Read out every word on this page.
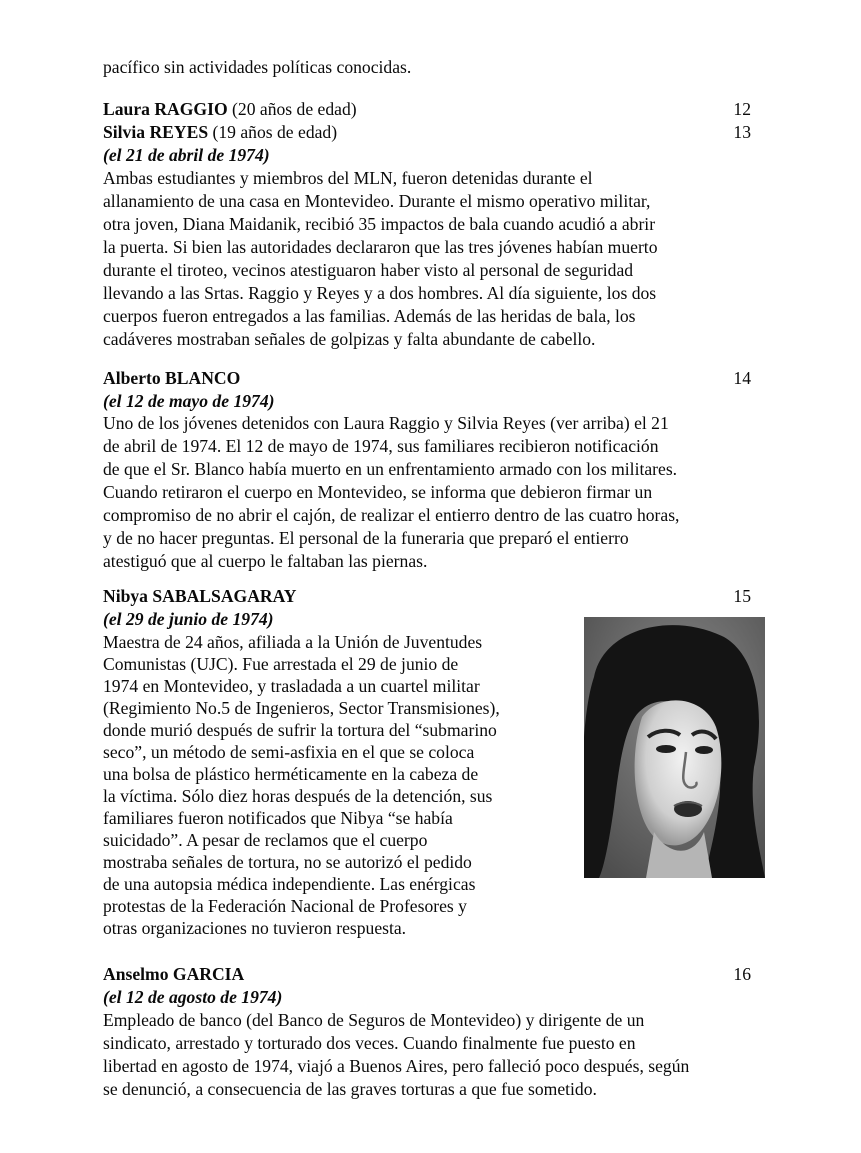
pacífico sin actividades políticas conocidas.
Laura RAGGIO (20 años de edad)	12
Silvia REYES (19 años de edad)	13
(el 21 de abril de 1974)
Ambas estudiantes y miembros del MLN, fueron detenidas durante el
allanamiento de una casa en Montevideo. Durante el mismo operativo militar,
otra joven, Diana Maidanik, recibió 35 impactos de bala cuando acudió a abrir
la puerta. Si bien las autoridades declararon que las tres jóvenes habían muerto
durante el tiroteo, vecinos atestiguaron haber visto al personal de seguridad
llevando a las Srtas. Raggio y Reyes y a dos hombres. Al día siguiente, los dos
cuerpos fueron entregados a las familias. Además de las heridas de bala, los
cadáveres mostraban señales de golpizas y falta abundante de cabello.
Alberto BLANCO	14
(el 12 de mayo de 1974)
Uno de los jóvenes detenidos con Laura Raggio y Silvia Reyes (ver arriba) el 21
de abril de 1974. El 12 de mayo de 1974, sus familiares recibieron notificación
de que el Sr. Blanco había muerto en un enfrentamiento armado con los militares.
Cuando retiraron el cuerpo en Montevideo, se informa que debieron firmar un
compromiso de no abrir el cajón, de realizar el entierro dentro de las cuatro horas,
y de no hacer preguntas. El personal de la funeraria que preparó el entierro
atestiguó que al cuerpo le faltaban las piernas.
Nibya SABALSAGARAY	15
(el 29 de junio de 1974)
Maestra de 24 años, afiliada a la Unión de Juventudes
Comunistas (UJC). Fue arrestada el 29 de junio de
1974 en Montevideo, y trasladada a un cuartel militar
(Regimiento No.5 de Ingenieros, Sector Transmisiones),
donde murió después de sufrir la tortura del “submarino
seco”, un método de semi-asfixia en el que se coloca
una bolsa de plástico herméticamente en la cabeza de
la víctima. Sólo diez horas después de la detención, sus
familiares fueron notificados que Nibya “se había
suicidado”. A pesar de reclamos que el cuerpo
mostraba señales de tortura, no se autorizó el pedido
de una autopsia médica independiente. Las enérgicas
protestas de la Federación Nacional de Profesores y
otras organizaciones no tuvieron respuesta.
Anselmo GARCIA	16
(el 12 de agosto de 1974)
Empleado de banco (del Banco de Seguros de Montevideo) y dirigente de un
sindicato, arrestado y torturado dos veces. Cuando finalmente fue puesto en
libertad en agosto de 1974, viajó a Buenos Aires, pero falleció poco después, según
se denunció, a consecuencia de las graves torturas a que fue sometido.
